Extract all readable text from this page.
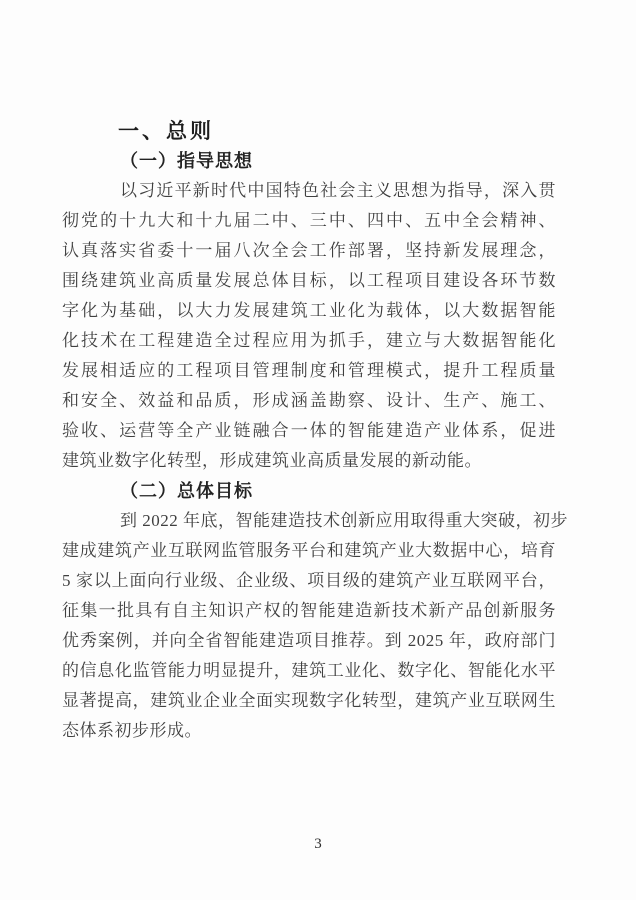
一、总则
（一）指导思想
以习近平新时代中国特色社会主义思想为指导，深入贯
彻党的十九大和十九届二中、三中、四中、五中全会精神、
认真落实省委十一届八次全会工作部署，坚持新发展理念，
围绕建筑业高质量发展总体目标，以工程项目建设各环节数
字化为基础，以大力发展建筑工业化为载体，以大数据智能
化技术在工程建造全过程应用为抓手，建立与大数据智能化
发展相适应的工程项目管理制度和管理模式，提升工程质量
和安全、效益和品质，形成涵盖勘察、设计、生产、施工、
验收、运营等全产业链融合一体的智能建造产业体系，促进
建筑业数字化转型，形成建筑业高质量发展的新动能。
（二）总体目标
到 2022 年底，智能建造技术创新应用取得重大突破，初步
建成建筑产业互联网监管服务平台和建筑产业大数据中心，培育
5 家以上面向行业级、企业级、项目级的建筑产业互联网平台，
征集一批具有自主知识产权的智能建造新技术新产品创新服务
优秀案例，并向全省智能建造项目推荐。到 2025 年，政府部门
的信息化监管能力明显提升，建筑工业化、数字化、智能化水平
显著提高，建筑业企业全面实现数字化转型，建筑产业互联网生
态体系初步形成。
3
